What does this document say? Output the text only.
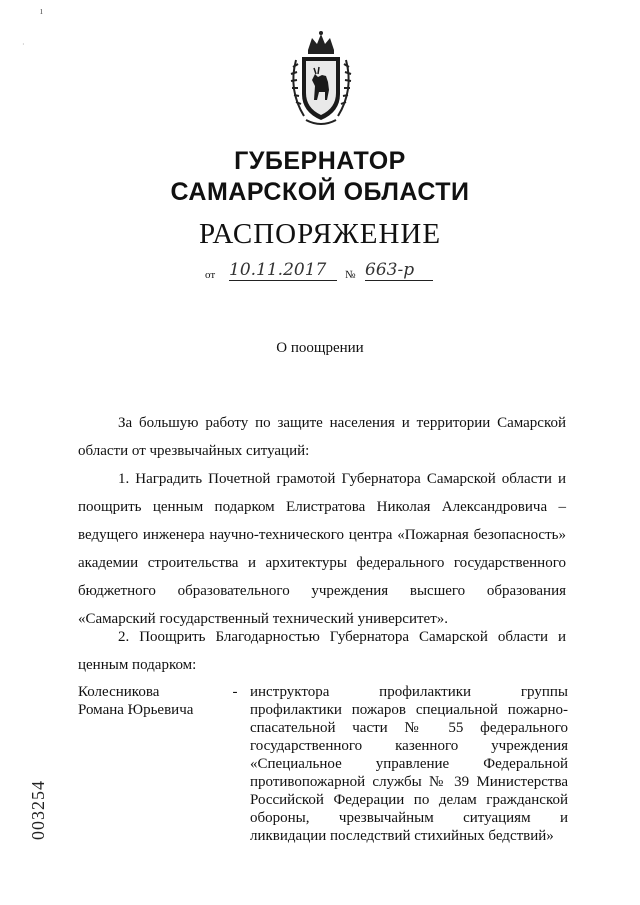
ı
·
ГУБЕРНАТОР
САМАРСКОЙ ОБЛАСТИ
РАСПОРЯЖЕНИЕ
от 10.11.2017	№ 663-р
О поощрении

За большую работу по защите населения и территории Самарской области от чрезвычайных ситуаций:

1. Наградить Почетной грамотой Губернатора Самарской области и поощрить ценным подарком Елистратова Николая Александровича – ведущего инженера научно-технического центра «Пожарная безопасность» академии строительства и архитектуры федерального государственного бюджетного образовательного учреждения высшего образования «Самарский государственный технический университет».

2. Поощрить Благодарностью Губернатора Самарской области и ценным подарком:

Колесникова
Романа Юрьевича
- инструктора профилактики группы профилактики пожаров специальной пожарно-спасательной части № 55 федерального государственного казенного учреждения «Специальное управление Федеральной противопожарной службы № 39 Министерства Российской Федерации по делам гражданской обороны, чрезвычайным ситуациям и ликвидации последствий стихийных бедствий»
003254
